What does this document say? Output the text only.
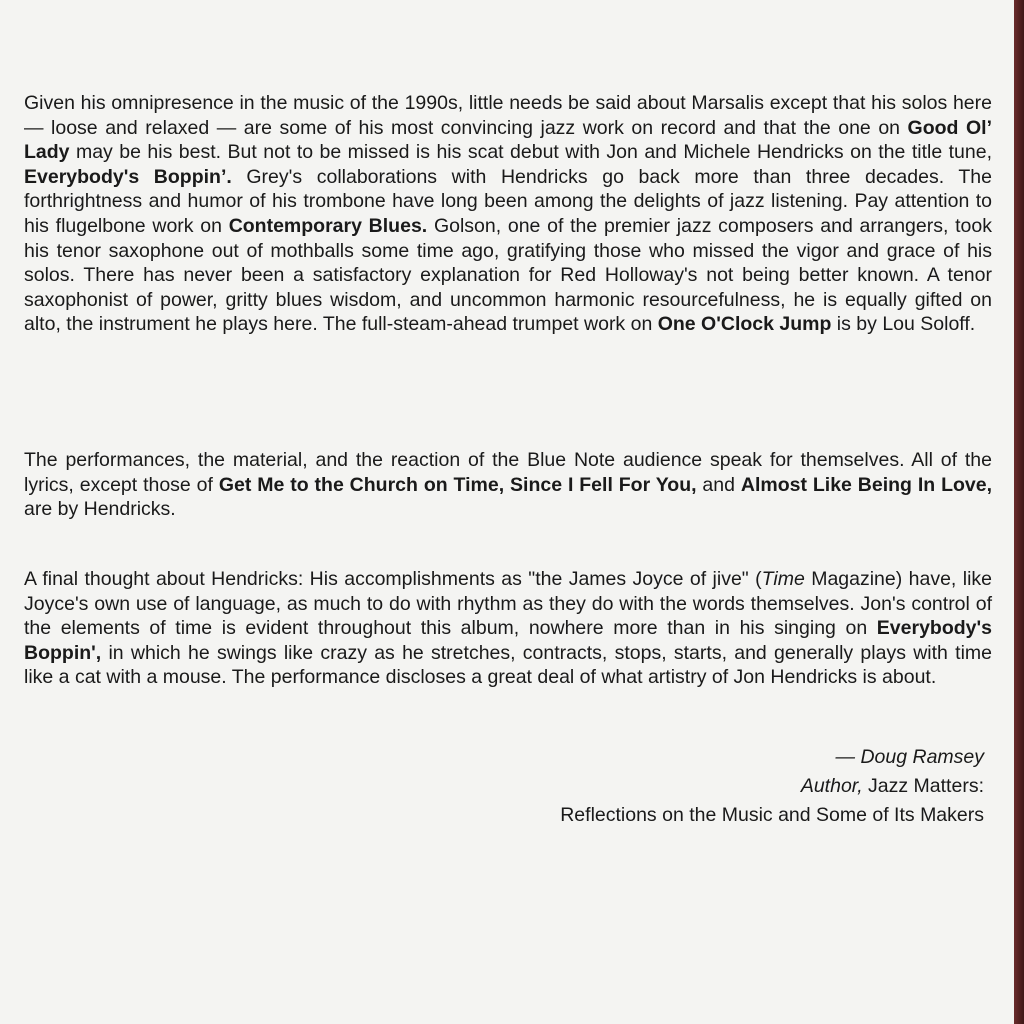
Given his omnipresence in the music of the 1990s, little needs be said about Marsalis except that his solos here — loose and relaxed — are some of his most convincing jazz work on record and that the one on Good Ol’ Lady may be his best. But not to be missed is his scat debut with Jon and Michele Hendricks on the title tune, Everybody's Boppin’. Grey's collaborations with Hendricks go back more than three decades. The forthrightness and humor of his trombone have long been among the delights of jazz listening. Pay attention to his flugelbone work on Contemporary Blues. Golson, one of the premier jazz composers and arrangers, took his tenor saxophone out of mothballs some time ago, gratifying those who missed the vigor and grace of his solos. There has never been a satisfactory explanation for Red Holloway's not being better known. A tenor saxophonist of power, gritty blues wisdom, and uncommon harmonic resourcefulness, he is equally gifted on alto, the instrument he plays here. The full-steam-ahead trumpet work on One O'Clock Jump is by Lou Soloff.

The performances, the material, and the reaction of the Blue Note audience speak for themselves. All of the lyrics, except those of Get Me to the Church on Time, Since I Fell For You, and Almost Like Being In Love, are by Hendricks.

A final thought about Hendricks: His accomplishments as "the James Joyce of jive" (Time Magazine) have, like Joyce's own use of language, as much to do with rhythm as they do with the words themselves. Jon's control of the elements of time is evident throughout this album, nowhere more than in his singing on Everybody's Boppin', in which he swings like crazy as he stretches, contracts, stops, starts, and generally plays with time like a cat with a mouse. The performance discloses a great deal of what artistry of Jon Hendricks is about.

— Doug Ramsey
Author, Jazz Matters:
Reflections on the Music and Some of Its Makers
